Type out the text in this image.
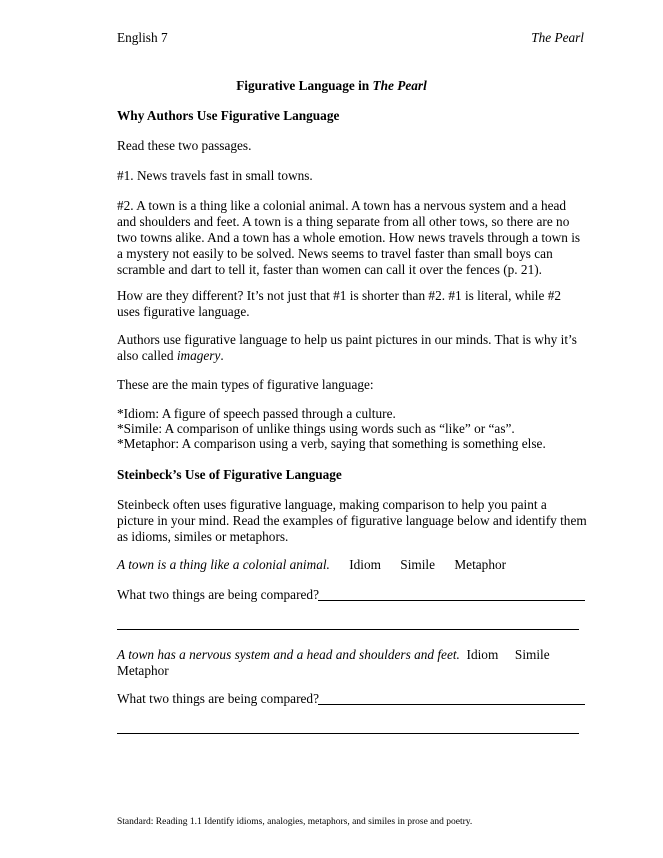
English 7	The Pearl
Figurative Language in The Pearl
Why Authors Use Figurative Language
Read these two passages.
#1. News travels fast in small towns.

#2. A town is a thing like a colonial animal. A town has a nervous system and a head and shoulders and feet. A town is a thing separate from all other tows, so there are no two towns alike. And a town has a whole emotion. How news travels through a town is a mystery not easily to be solved. News seems to travel faster than small boys can scramble and dart to tell it, faster than women can call it over the fences (p. 21).

How are they different? It’s not just that #1 is shorter than #2. #1 is literal, while #2 uses figurative language.

Authors use figurative language to help us paint pictures in our minds. That is why it’s also called imagery.

These are the main types of figurative language:
*Idiom: A figure of speech passed through a culture.
*Simile: A comparison of unlike things using words such as “like” or “as”.
*Metaphor: A comparison using a verb, saying that something is something else.
Steinbeck’s Use of Figurative Language

Steinbeck often uses figurative language, making comparison to help you paint a picture in your mind. Read the examples of figurative language below and identify them as idioms, similes or metaphors.

A town is a thing like a colonial animal. Idiom Simile Metaphor
What two things are being compared?

A town has a nervous system and a head and shoulders and feet. Idiom Simile Metaphor

What two things are being compared?
Standard: Reading 1.1 Identify idioms, analogies, metaphors, and similes in prose and poetry.
